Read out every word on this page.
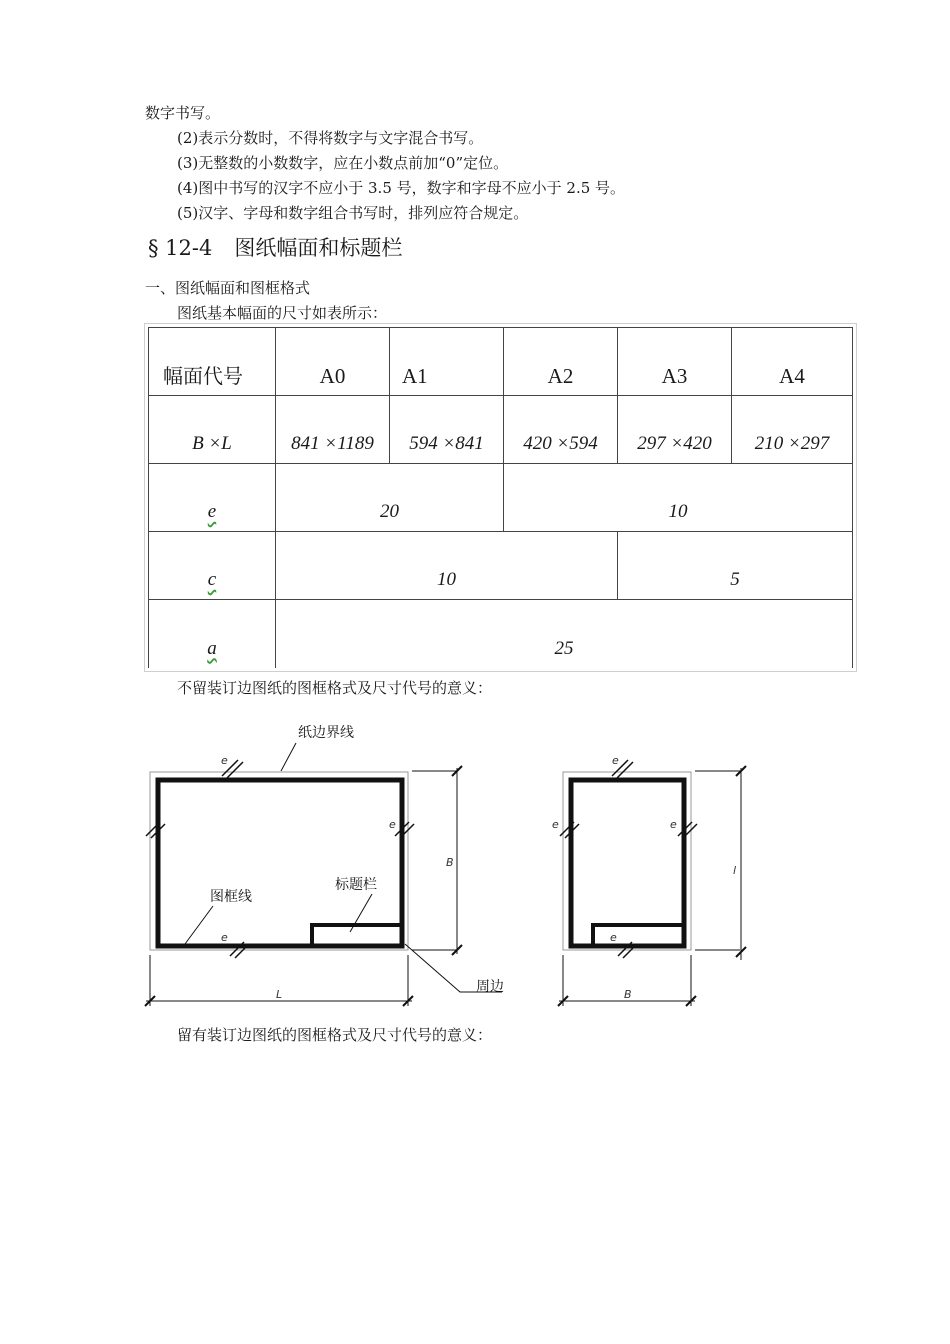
数字书写。
(2)表示分数时，不得将数字与文字混合书写。
(3)无整数的小数数字，应在小数点前加“0”定位。
(4)图中书写的汉字不应小于 3.5 号，数字和字母不应小于 2.5 号。
(5)汉字、字母和数字组合书写时，排列应符合规定。
§ 12-4 图纸幅面和标题栏
一、图纸幅面和图框格式
图纸基本幅面的尺寸如表所示：
幅面代号	A0	A1	A2	A3	A4
B ×L	841 ×1189	594 ×841	420 ×594	297 ×420	210 ×297
e	20		10		
c	10			5	
a	25				
不留装订边图纸的图框格式及尺寸代号的意义：
纸边界线
图框线
标题栏
周边
e
e
e
B
L
e
e	e
e
l
B
留有装订边图纸的图框格式及尺寸代号的意义：
